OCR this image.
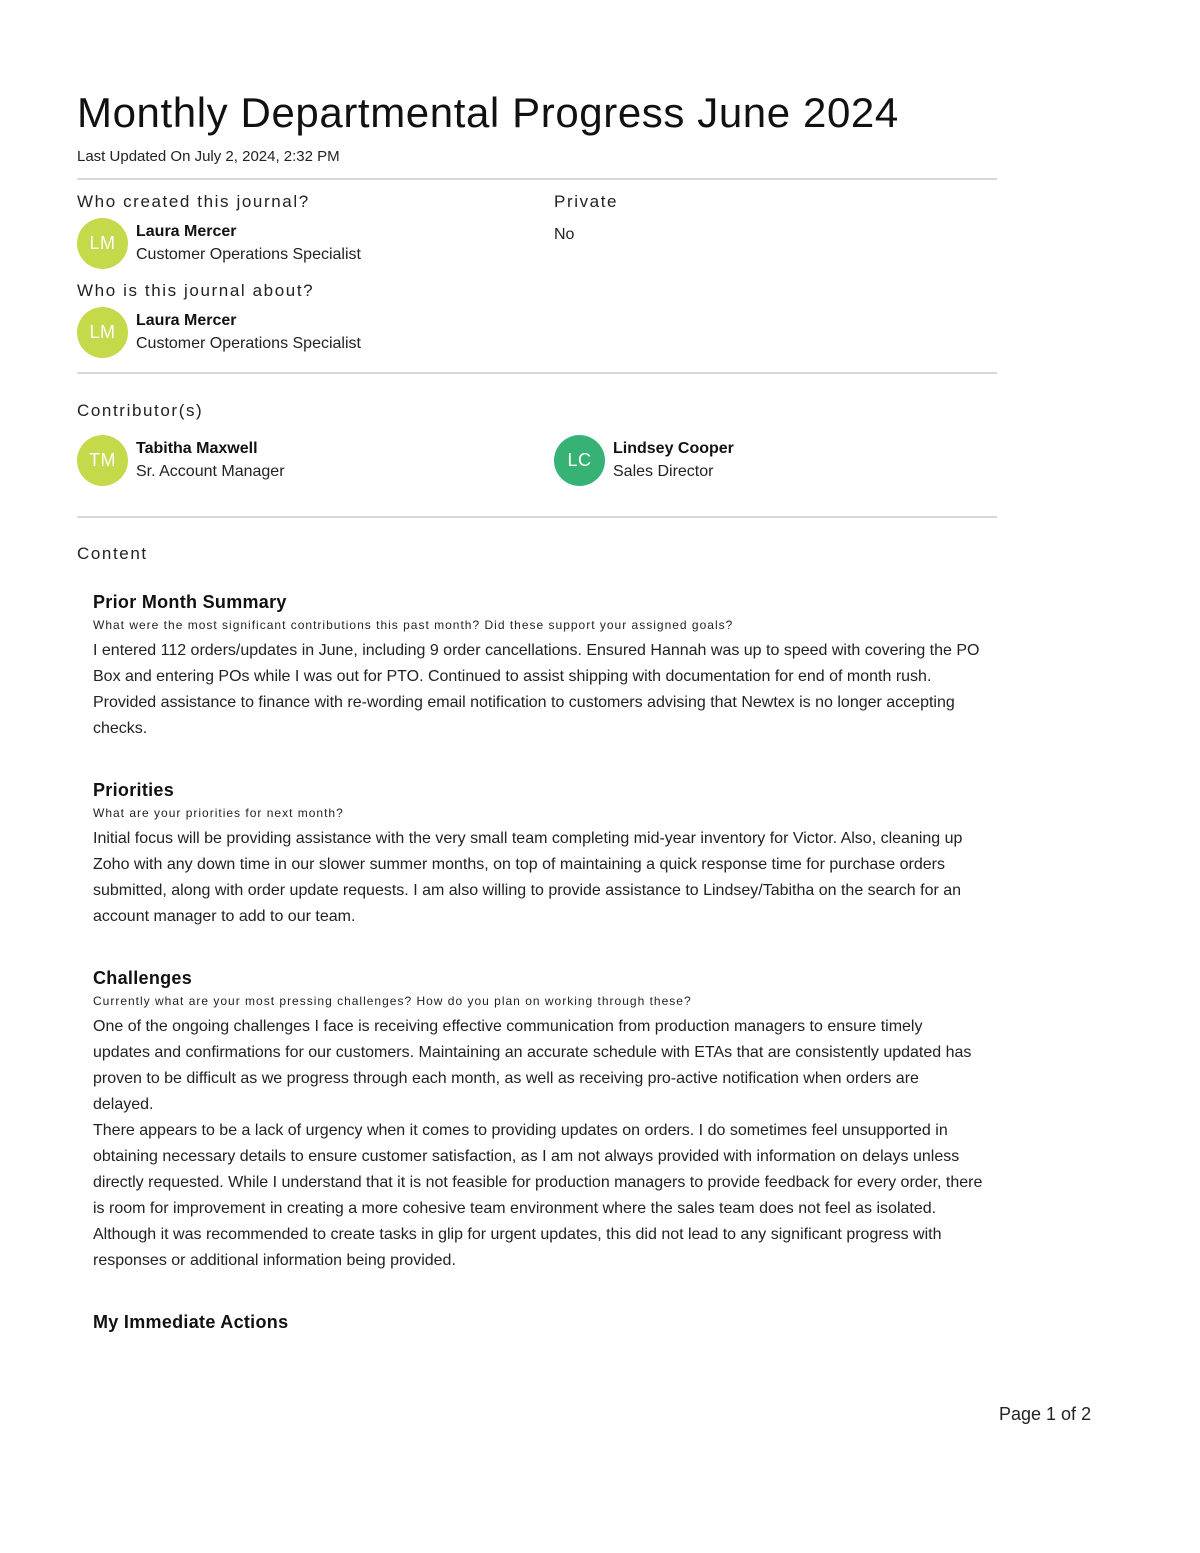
Monthly Departmental Progress June 2024
Last Updated On July 2, 2024, 2:32 PM
Who created this journal?
LM
Laura Mercer
Customer Operations Specialist
Private
No
Who is this journal about?
LM
Laura Mercer
Customer Operations Specialist
Contributor(s)
TM
Tabitha Maxwell
Sr. Account Manager
LC
Lindsey Cooper
Sales Director
Content
Prior Month Summary
What were the most significant contributions this past month? Did these support your assigned goals?

I entered 112 orders/updates in June, including 9 order cancellations. Ensured Hannah was up to speed with covering the PO Box and entering POs while I was out for PTO. Continued to assist shipping with documentation for end of month rush. Provided assistance to finance with re-wording email notification to customers advising that Newtex is no longer accepting checks.

Priorities
What are your priorities for next month?

Initial focus will be providing assistance with the very small team completing mid-year inventory for Victor. Also, cleaning up Zoho with any down time in our slower summer months, on top of maintaining a quick response time for purchase orders submitted, along with order update requests. I am also willing to provide assistance to Lindsey/Tabitha on the search for an account manager to add to our team.

Challenges
Currently what are your most pressing challenges? How do you plan on working through these?

One of the ongoing challenges I face is receiving effective communication from production managers to ensure timely updates and confirmations for our customers. Maintaining an accurate schedule with ETAs that are consistently updated has proven to be difficult as we progress through each month, as well as receiving pro-active notification when orders are delayed.

There appears to be a lack of urgency when it comes to providing updates on orders. I do sometimes feel unsupported in obtaining necessary details to ensure customer satisfaction, as I am not always provided with information on delays unless directly requested. While I understand that it is not feasible for production managers to provide feedback for every order, there is room for improvement in creating a more cohesive team environment where the sales team does not feel as isolated.

Although it was recommended to create tasks in glip for urgent updates, this did not lead to any significant progress with responses or additional information being provided.

My Immediate Actions
Page 1 of 2
